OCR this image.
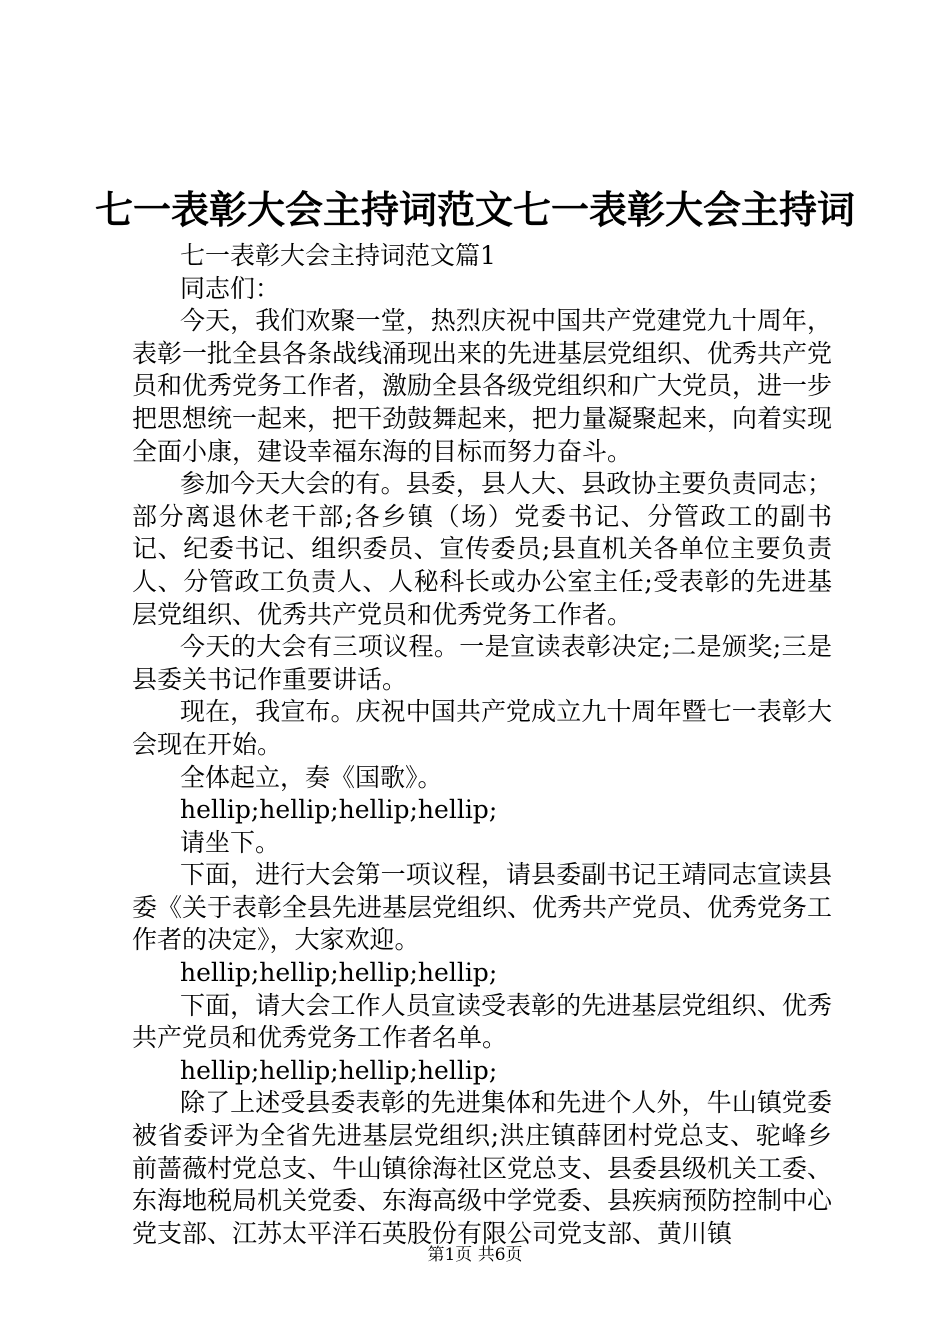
七一表彰大会主持词范文七一表彰大会主持词

七一表彰大会主持词范文篇1

同志们：

今天，我们欢聚一堂，热烈庆祝中国共产党建党九十周年，表彰一批全县各条战线涌现出来的先进基层党组织、优秀共产党员和优秀党务工作者，激励全县各级党组织和广大党员，进一步把思想统一起来，把干劲鼓舞起来，把力量凝聚起来，向着实现全面小康，建设幸福东海的目标而努力奋斗。

参加今天大会的有。县委，县人大、县政协主要负责同志；部分离退休老干部;各乡镇（场）党委书记、分管政工的副书记、纪委书记、组织委员、宣传委员;县直机关各单位主要负责人、分管政工负责人、人秘科长或办公室主任;受表彰的先进基层党组织、优秀共产党员和优秀党务工作者。

今天的大会有三项议程。一是宣读表彰决定;二是颁奖;三是县委关书记作重要讲话。

现在，我宣布。庆祝中国共产党成立九十周年暨七一表彰大会现在开始。

全体起立，奏《国歌》。

hellip;hellip;hellip;hellip;

请坐下。

下面，进行大会第一项议程，请县委副书记王靖同志宣读县委《关于表彰全县先进基层党组织、优秀共产党员、优秀党务工作者的决定》，大家欢迎。

hellip;hellip;hellip;hellip;

下面，请大会工作人员宣读受表彰的先进基层党组织、优秀共产党员和优秀党务工作者名单。

hellip;hellip;hellip;hellip;

除了上述受县委表彰的先进集体和先进个人外，牛山镇党委被省委评为全省先进基层党组织;洪庄镇薛团村党总支、驼峰乡前蔷薇村党总支、牛山镇徐海社区党总支、县委县级机关工委、东海地税局机关党委、东海高级中学党委、县疾病预防控制中心党支部、江苏太平洋石英股份有限公司党支部、黄川镇

第1页 共6页
